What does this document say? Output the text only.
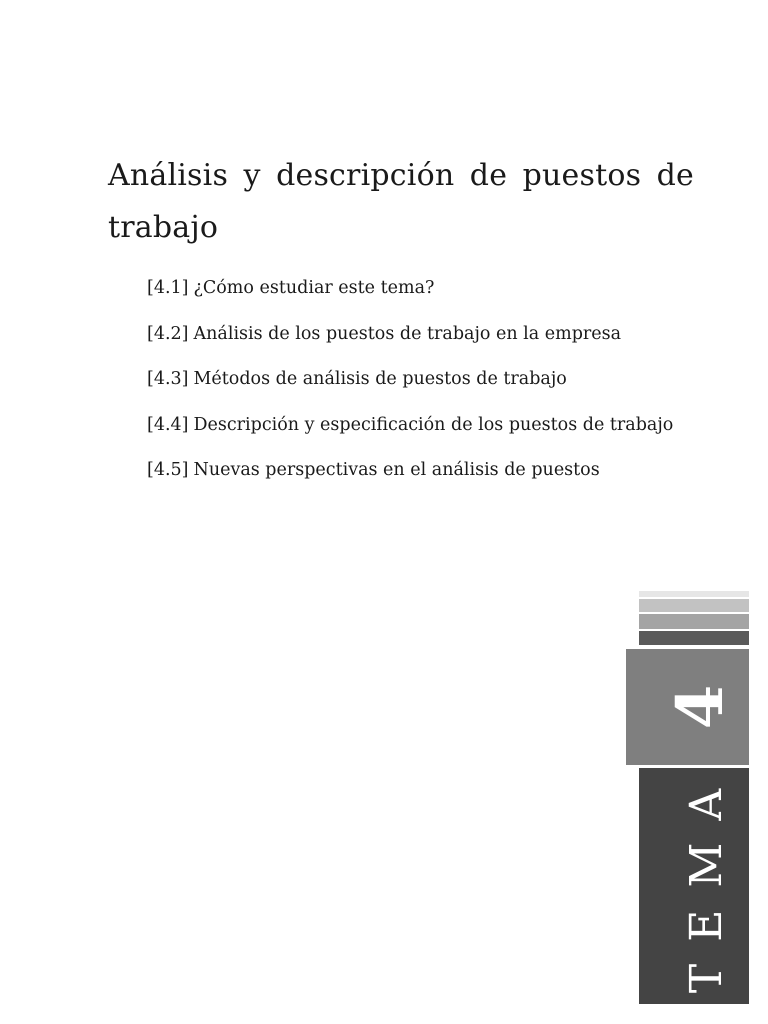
Análisis y descripción de puestos de trabajo
[4.1] ¿Cómo estudiar este tema?
[4.2] Análisis de los puestos de trabajo en la empresa
[4.3] Métodos de análisis de puestos de trabajo
[4.4] Descripción y especificación de los puestos de trabajo
[4.5] Nuevas perspectivas en el análisis de puestos
4
TEMA
